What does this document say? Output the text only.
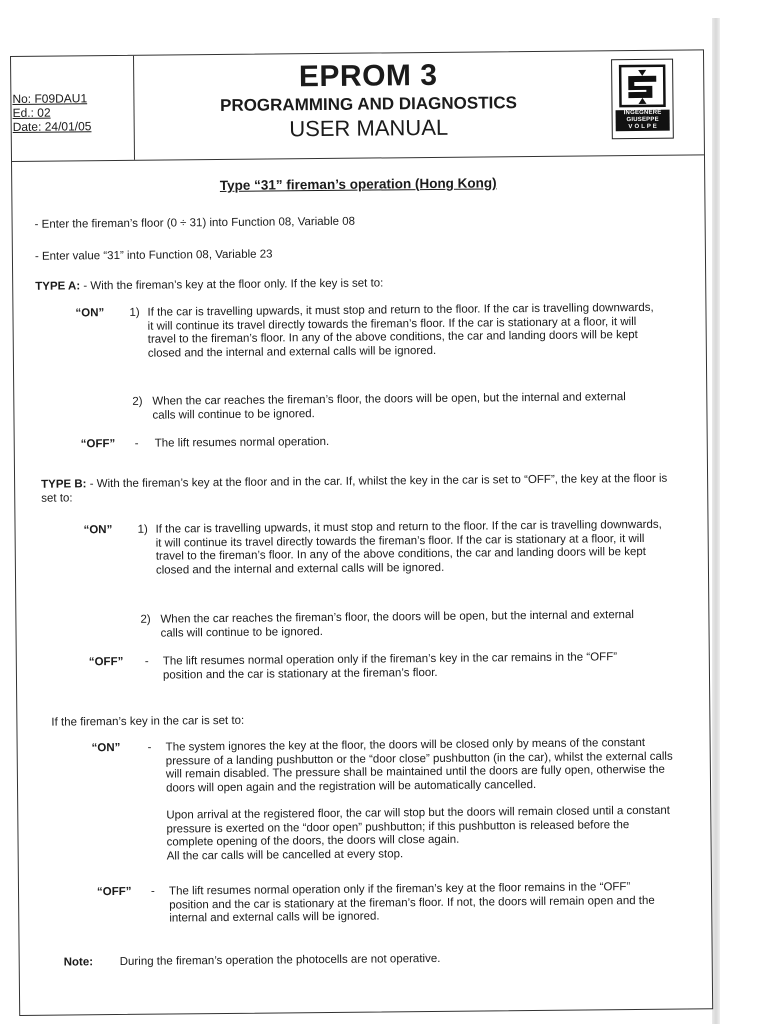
No: F09DAU1
Ed.: 02
Date: 24/01/05
EPROM 3
PROGRAMMING AND DIAGNOSTICS
USER MANUAL
INGEGNERE
GIUSEPPE
V O L P E
Type “31” fireman’s operation (Hong Kong)
- Enter the fireman’s floor (0 ÷ 31) into Function 08, Variable 08
- Enter value “31” into Function 08, Variable 23
TYPE A: - With the fireman’s key at the floor only. If the key is set to:
“ON” 1) If the car is travelling upwards, it must stop and return to the floor. If the car is travelling downwards, it will continue its travel directly towards the fireman’s floor. If the car is stationary at a floor, it will travel to the fireman’s floor. In any of the above conditions, the car and landing doors will be kept closed and the internal and external calls will be ignored.
2) When the car reaches the fireman’s floor, the doors will be open, but the internal and external calls will continue to be ignored.
“OFF” - The lift resumes normal operation.
TYPE B: - With the fireman’s key at the floor and in the car. If, whilst the key in the car is set to “OFF”, the key at the floor is set to:
“ON” 1) If the car is travelling upwards, it must stop and return to the floor. If the car is travelling downwards, it will continue its travel directly towards the fireman’s floor. If the car is stationary at a floor, it will travel to the fireman’s floor. In any of the above conditions, the car and landing doors will be kept closed and the internal and external calls will be ignored.
2) When the car reaches the fireman’s floor, the doors will be open, but the internal and external calls will continue to be ignored.
“OFF” - The lift resumes normal operation only if the fireman’s key in the car remains in the “OFF” position and the car is stationary at the fireman’s floor.
If the fireman’s key in the car is set to:
“ON” - The system ignores the key at the floor, the doors will be closed only by means of the constant pressure of a landing pushbutton or the “door close” pushbutton (in the car), whilst the external calls will remain disabled. The pressure shall be maintained until the doors are fully open, otherwise the doors will open again and the registration will be automatically cancelled.
Upon arrival at the registered floor, the car will stop but the doors will remain closed until a constant pressure is exerted on the “door open” pushbutton; if this pushbutton is released before the complete opening of the doors, the doors will close again.
All the car calls will be cancelled at every stop.
“OFF” - The lift resumes normal operation only if the fireman’s key at the floor remains in the “OFF” position and the car is stationary at the fireman’s floor. If not, the doors will remain open and the internal and external calls will be ignored.
Note: During the fireman’s operation the photocells are not operative.
